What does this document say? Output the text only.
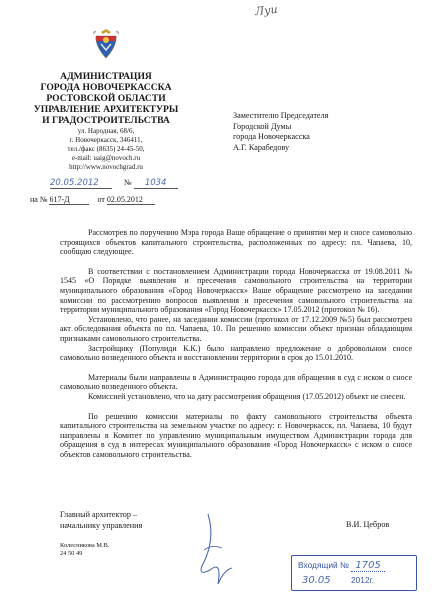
Луи
АДМИНИСТРАЦИЯ
ГОРОДА НОВОЧЕРКАССКА
РОСТОВСКОЙ ОБЛАСТИ
УПРАВЛЕНИЕ АРХИТЕКТУРЫ
И ГРАДОСТРОИТЕЛЬСТВА
ул. Народная, 68/6,
г. Новочеркасск, 346411,
тел./факс (8635) 24-45-50,
e-mail: uaig@novoch.ru
http://www.novochgrad.ru
20.05.2012	№ 1034
на № 617-Д	от 02.05.2012
Заместителю Председателя
Городской Думы
города Новочеркасска
А.Г. Карабедову

Рассмотрев по поручению Мэра города Ваше обращение о принятии мер и сносе самовольно строящихся объектов капитального строительства, расположенных по адресу: пл. Чапаева, 10, сообщаю следующее.

В соответствии с постановлением Администрации города Новочеркасска от 19.08.2011 № 1545 «О Порядке выявления и пресечения самовольного строительства на территории муниципального образования «Город Новочеркасск» Ваше обращение рассмотрено на заседании комиссии по рассмотрению вопросов выявления и пресечения самовольного строительства на территории муниципального образования «Город Новочеркасск» 17.05.2012 (протокол № 16).

Установлено, что ранее, на заседании комиссии (протокол от 17.12.2009 №5) был рассмотрен акт обследования объекта по пл. Чапаева, 10. По решению комиссии объект признан обладающим признаками самовольного строительства.

Застройщику (Популиди К.К.) было направлено предложение о добровольном сносе самовольно возведенного объекта и восстановлении территории в срок до 15.01.2010.

Материалы были направлены в Администрацию города для обращения в суд с иском о сносе самовольно возведенного объекта.

Комиссией установлено, что на дату рассмотрения обращения (17.05.2012) объект не снесен.

По решению комиссии материалы по факту самовольного строительства объекта капитального строительства на земельном участке по адресу: г. Новочеркасск, пл. Чапаева, 10 будут направлены в Комитет по управлению муниципальным имуществом Администрации города для обращения в суд в интересах муниципального образования «Город Новочеркасск» с иском о сносе объектов самовольного строительства.

Главный архитектор –
начальнику управления	В.И. Цебров
Колесникова М.В.
24 50 49
Входящий № 1705
30.05 2012г.
